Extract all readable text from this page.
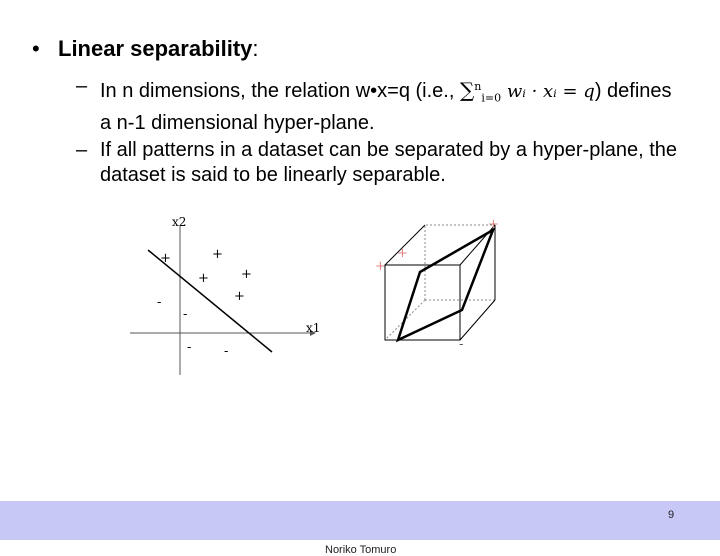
• Linear separability:
– In n dimensions, the relation w•x=q (i.e., ∑$^n_{i=0}$ wᵢ · xᵢ = q) defines a n-1 dimensional hyper-plane.
– If all patterns in a dataset can be separated by a hyper-plane, the dataset is said to be linearly separable.
x2
x1
+	+
+ +
+
-
-
-	-
+
+
+
-
Noriko Tomuro
9
